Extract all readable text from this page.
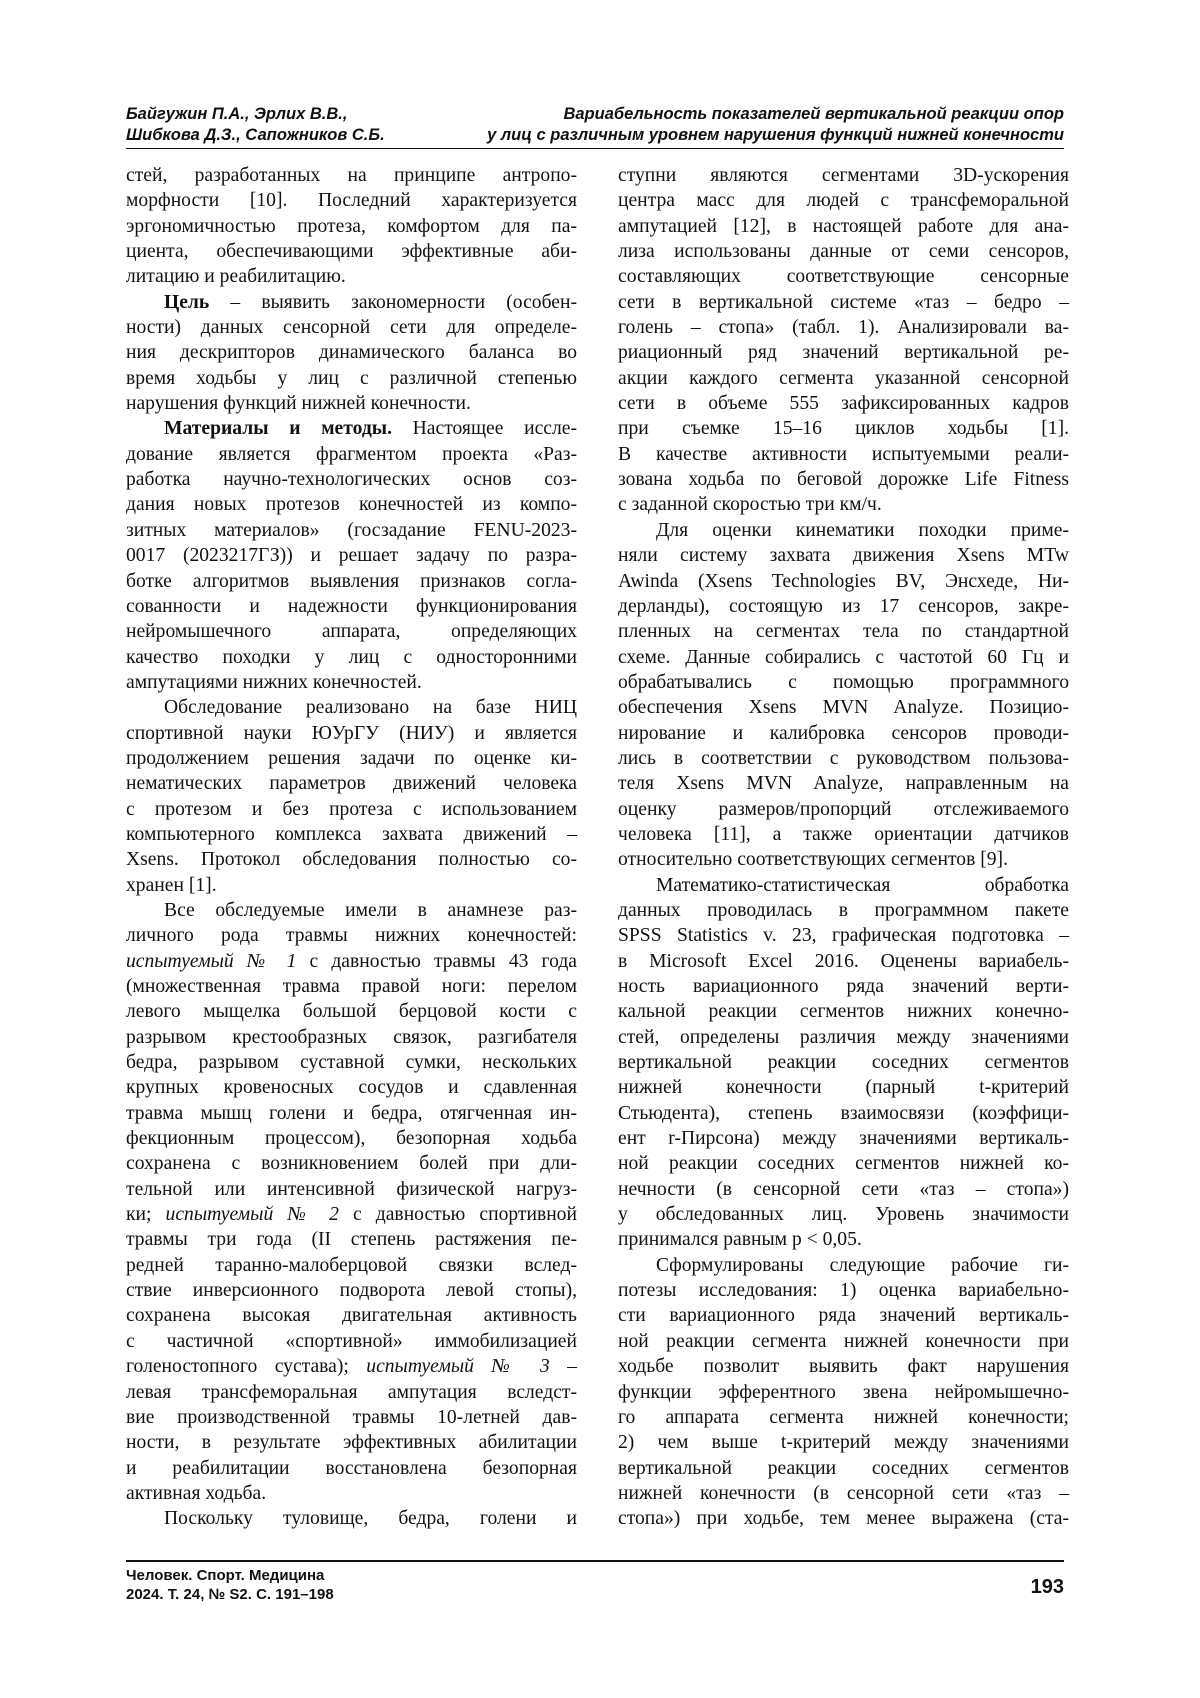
Байгужин П.А., Эрлих В.В.,
Шибкова Д.З., Сапожников С.Б.
Вариабельность показателей вертикальной реакции опор
у лиц с различным уровнем нарушения функций нижней конечности
стей, разработанных на принципе антропо-
морфности [10]. Последний характеризуется
эргономичностью протеза, комфортом для па-
циента, обеспечивающими эффективные аби-
литацию и реабилитацию.
Цель – выявить закономерности (особен-
ности) данных сенсорной сети для определе-
ния дескрипторов динамического баланса во
время ходьбы у лиц с различной степенью
нарушения функций нижней конечности.
Материалы и методы. Настоящее иссле-
дование является фрагментом проекта «Раз-
работка научно-технологических основ соз-
дания новых протезов конечностей из компо-
зитных материалов» (госзадание FENU-2023-
0017 (2023217ГЗ)) и решает задачу по разра-
ботке алгоритмов выявления признаков согла-
сованности и надежности функционирования
нейромышечного аппарата, определяющих
качество походки у лиц с односторонними
ампутациями нижних конечностей.
Обследование реализовано на базе НИЦ
спортивной науки ЮУрГУ (НИУ) и является
продолжением решения задачи по оценке ки-
нематических параметров движений человека
с протезом и без протеза с использованием
компьютерного комплекса захвата движений –
Xsens. Протокол обследования полностью со-
хранен [1].
Все обследуемые имели в анамнезе раз-
личного рода травмы нижних конечностей:
испытуемый № 1 с давностью травмы 43 года
(множественная травма правой ноги: перелом
левого мыщелка большой берцовой кости с
разрывом крестообразных связок, разгибателя
бедра, разрывом суставной сумки, нескольких
крупных кровеносных сосудов и сдавленная
травма мышц голени и бедра, отягченная ин-
фекционным процессом), безопорная ходьба
сохранена с возникновением болей при дли-
тельной или интенсивной физической нагруз-
ки; испытуемый № 2 с давностью спортивной
травмы три года (II степень растяжения пе-
редней таранно-малоберцовой связки вслед-
ствие инверсионного подворота левой стопы),
сохранена высокая двигательная активность
с частичной «спортивной» иммобилизацией
голеностопного сустава); испытуемый № 3 –
левая трансфеморальная ампутация вследст-
вие производственной травмы 10-летней дав-
ности, в результате эффективных абилитации
и реабилитации восстановлена безопорная
активная ходьба.
Поскольку туловище, бедра, голени и
ступни являются сегментами 3D-ускорения
центра масс для людей с трансфеморальной
ампутацией [12], в настоящей работе для ана-
лиза использованы данные от семи сенсоров,
составляющих соответствующие сенсорные
сети в вертикальной системе «таз – бедро –
голень – стопа» (табл. 1). Анализировали ва-
риационный ряд значений вертикальной ре-
акции каждого сегмента указанной сенсорной
сети в объеме 555 зафиксированных кадров
при съемке 15–16 циклов ходьбы [1].
В качестве активности испытуемыми реали-
зована ходьба по беговой дорожке Life Fitness
с заданной скоростью три км/ч.
Для оценки кинематики походки приме-
няли систему захвата движения Xsens MTw
Awinda (Xsens Technologies BV, Энсхеде, Ни-
дерланды), состоящую из 17 сенсоров, закре-
пленных на сегментах тела по стандартной
схеме. Данные собирались с частотой 60 Гц и
обрабатывались с помощью программного
обеспечения Xsens MVN Analyze. Позицио-
нирование и калибровка сенсоров проводи-
лись в соответствии с руководством пользова-
теля Xsens MVN Analyze, направленным на
оценку размеров/пропорций отслеживаемого
человека [11], а также ориентации датчиков
относительно соответствующих сегментов [9].
Математико-статистическая обработка
данных проводилась в программном пакете
SPSS Statistics v. 23, графическая подготовка –
в Microsoft Excel 2016. Оценены вариабель-
ность вариационного ряда значений верти-
кальной реакции сегментов нижних конечно-
стей, определены различия между значениями
вертикальной реакции соседних сегментов
нижней конечности (парный t-критерий
Стьюдента), степень взаимосвязи (коэффици-
ент r-Пирсона) между значениями вертикаль-
ной реакции соседних сегментов нижней ко-
нечности (в сенсорной сети «таз – стопа»)
у обследованных лиц. Уровень значимости
принимался равным p < 0,05.
Сформулированы следующие рабочие ги-
потезы исследования: 1) оценка вариабельно-
сти вариационного ряда значений вертикаль-
ной реакции сегмента нижней конечности при
ходьбе позволит выявить факт нарушения
функции эфферентного звена нейромышечно-
го аппарата сегмента нижней конечности;
2) чем выше t-критерий между значениями
вертикальной реакции соседних сегментов
нижней конечности (в сенсорной сети «таз –
стопа») при ходьбе, тем менее выражена (ста-
Человек. Спорт. Медицина
2024. Т. 24, № S2. С. 191–198	193
